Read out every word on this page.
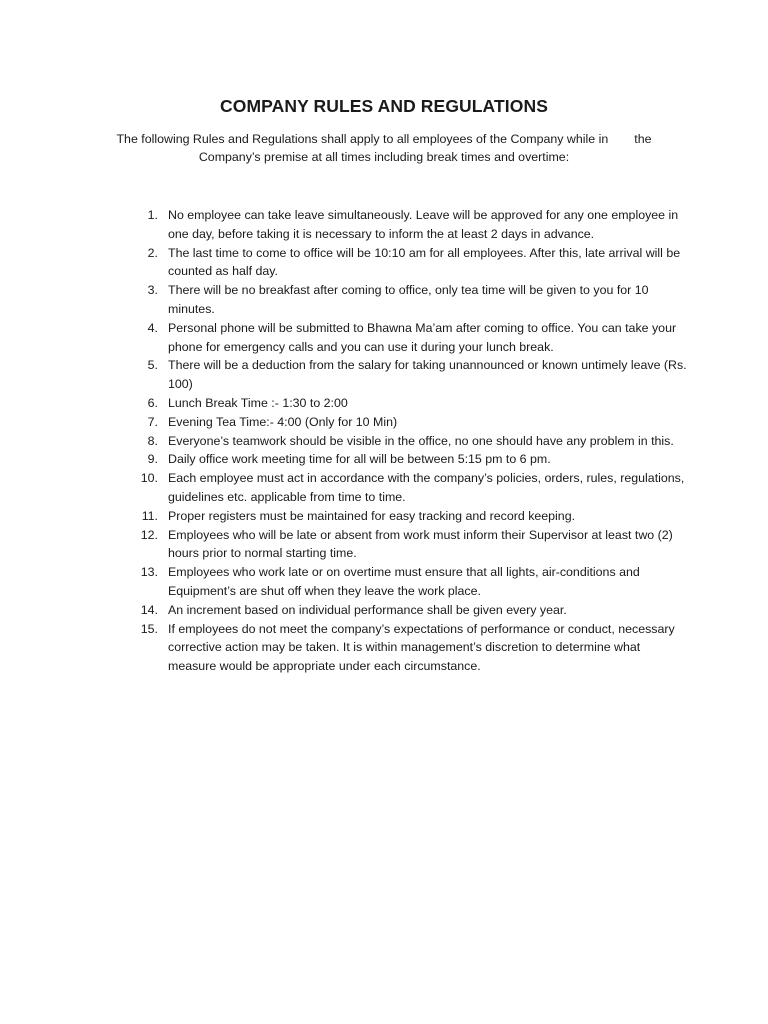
COMPANY RULES AND REGULATIONS

The following Rules and Regulations shall apply to all employees of the Company while in the
Company’s premise at all times including break times and overtime:

1. No employee can take leave simultaneously. Leave will be approved for any one employee in one day, before taking it is necessary to inform the at least 2 days in advance.
2. The last time to come to office will be 10:10 am for all employees. After this, late arrival will be counted as half day.
3. There will be no breakfast after coming to office, only tea time will be given to you for 10 minutes.
4. Personal phone will be submitted to Bhawna Ma’am after coming to office. You can take your phone for emergency calls and you can use it during your lunch break.
5. There will be a deduction from the salary for taking unannounced or known untimely leave (Rs. 100)
6. Lunch Break Time :- 1:30 to 2:00
7. Evening Tea Time:- 4:00 (Only for 10 Min)
8. Everyone’s teamwork should be visible in the office, no one should have any problem in this.
9. Daily office work meeting time for all will be between 5:15 pm to 6 pm.
10. Each employee must act in accordance with the company’s policies, orders, rules, regulations, guidelines etc. applicable from time to time.
11. Proper registers must be maintained for easy tracking and record keeping.
12. Employees who will be late or absent from work must inform their Supervisor at least two (2) hours prior to normal starting time.
13. Employees who work late or on overtime must ensure that all lights, air-conditions and Equipment’s are shut off when they leave the work place.
14. An increment based on individual performance shall be given every year.
15. If employees do not meet the company’s expectations of performance or conduct, necessary corrective action may be taken. It is within management’s discretion to determine what measure would be appropriate under each circumstance.
